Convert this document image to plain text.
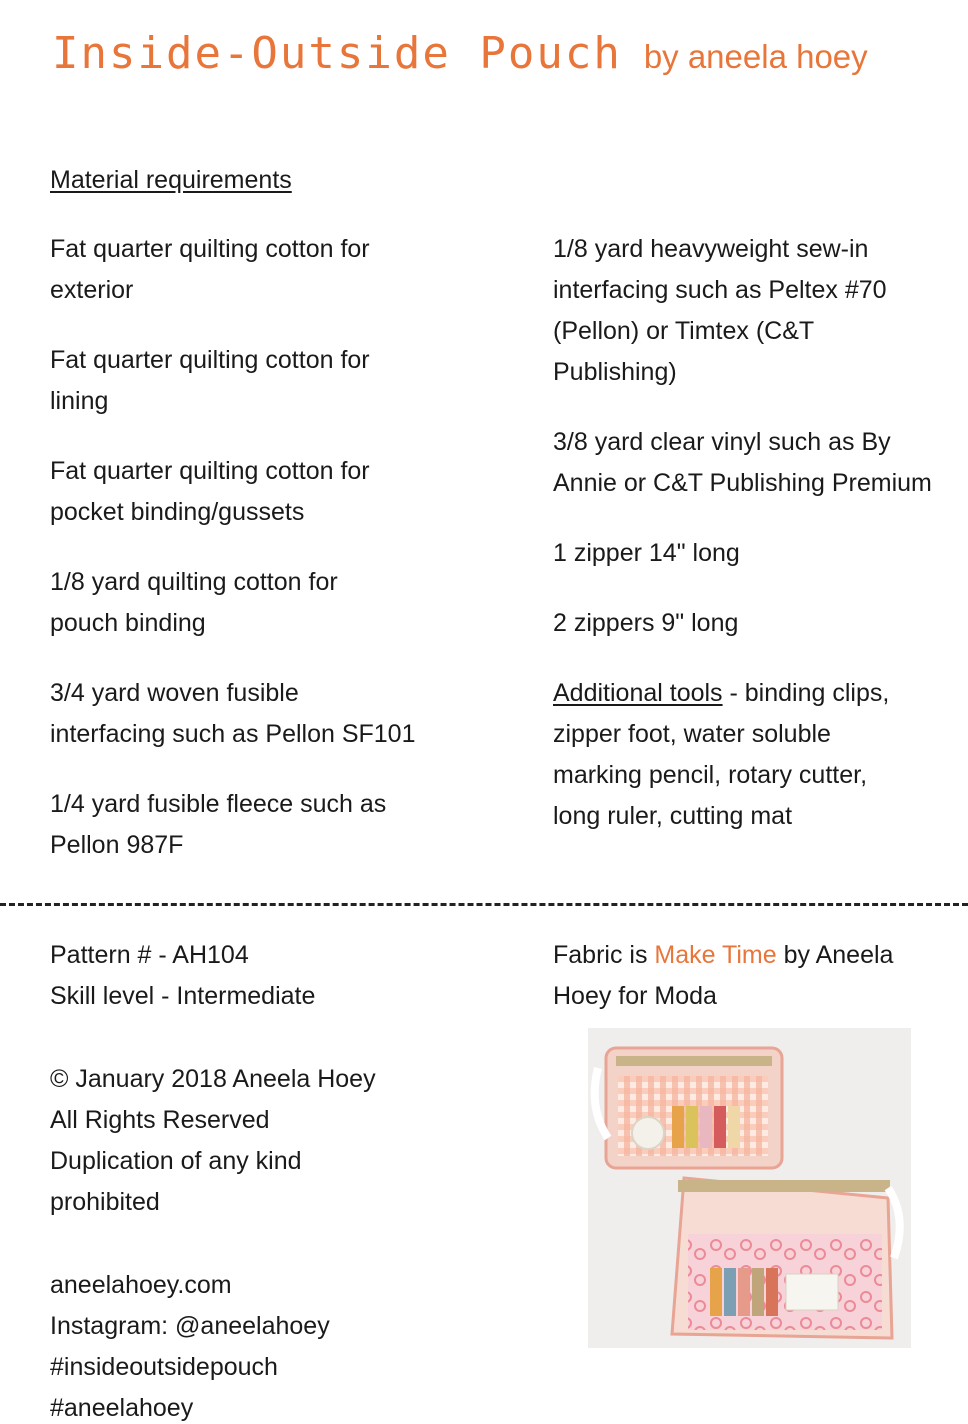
Inside-Outside Pouch by aneela hoey
Material requirements
Fat quarter quilting cotton for
exterior
Fat quarter quilting cotton for
lining
Fat quarter quilting cotton for
pocket binding/gussets
1/8 yard quilting cotton for
pouch binding
3/4 yard woven fusible
interfacing such as Pellon SF101
1/4 yard fusible fleece such as
Pellon 987F
1/8 yard heavyweight sew-in
interfacing such as Peltex #70
(Pellon) or Timtex (C&T
Publishing)
3/8 yard clear vinyl such as By
Annie or C&T Publishing Premium
1 zipper 14" long
2 zippers 9" long
Additional tools - binding clips,
zipper foot, water soluble
marking pencil, rotary cutter,
long ruler, cutting mat
Pattern # - AH104
Skill level - Intermediate
© January 2018 Aneela Hoey
All Rights Reserved
Duplication of any kind
prohibited
aneelahoey.com
Instagram: @aneelahoey
#insideoutsidepouch
#aneelahoey
Fabric is Make Time by Aneela
Hoey for Moda
